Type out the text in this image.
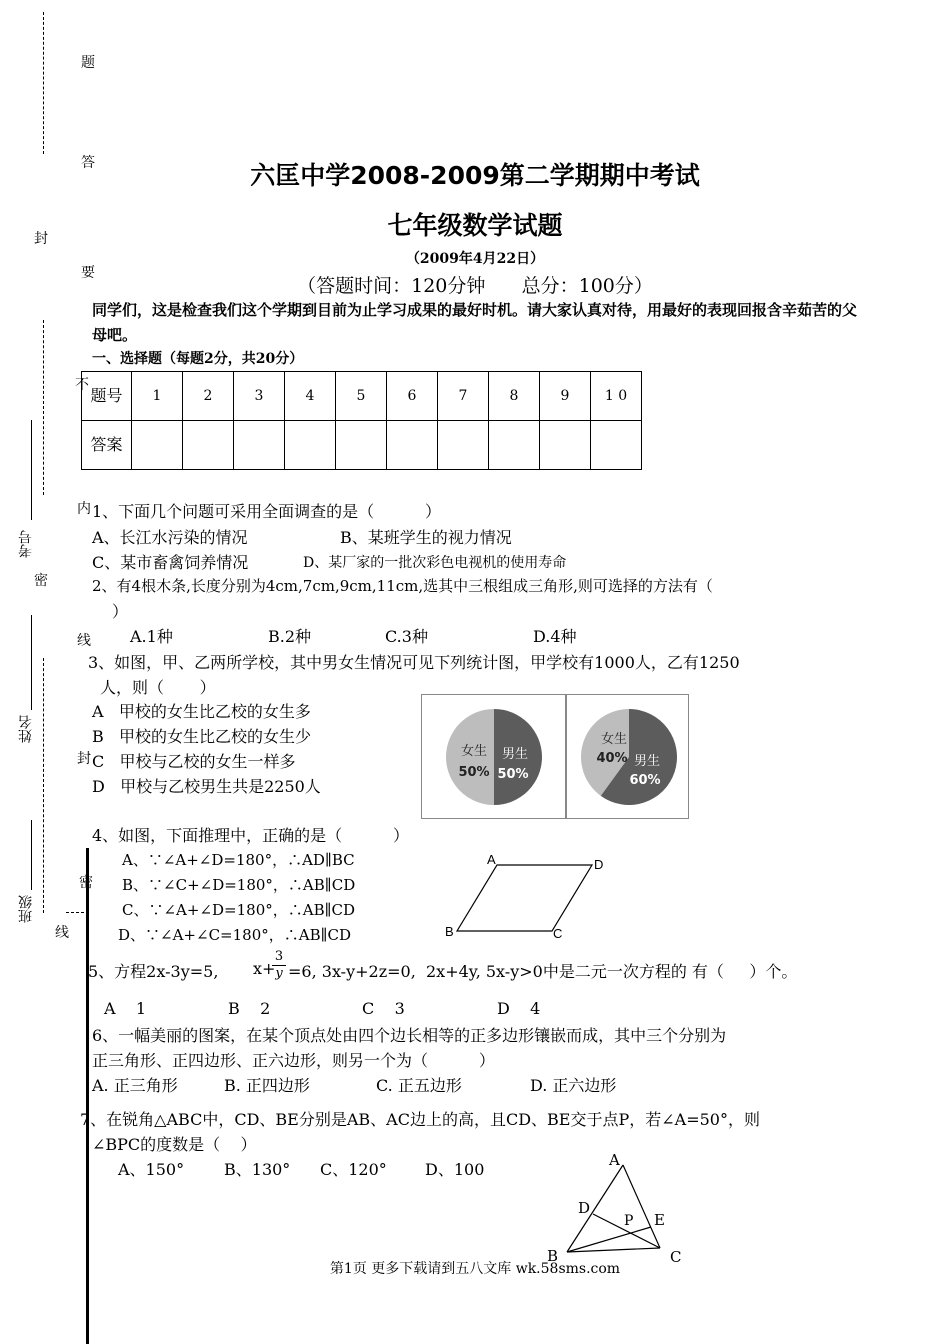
题
答
要
封
不
内
密
线
封
考号
姓名
班级
密
线
六匡中学2008-2009第二学期期中考试
七年级数学试题
（2009年4月22日）
（答题时间：120分钟      总分：100分）
同学们，这是检查我们这个学期到目前为止学习成果的最好时机。请大家认真对待，用最好的表现回报含辛茹苦的父母吧。
一、选择题（每题2分，共20分）
题号	1	2	3	4	5	6	7	8	9	1 0
答案										
1、下面几个问题可采用全面调查的是（          ）
A、长江水污染的情况	B、某班学生的视力情况
C、某市畜禽饲养情况	D、某厂家的一批次彩色电视机的使用寿命
2、有4根木条,长度分别为4cm,7cm,9cm,11cm,选其中三根组成三角形,则可选择的方法有（
）
A.1种	B.2种	C.3种	D.4种
3、如图，甲、乙两所学校，其中男女生情况可见下列统计图，甲学校有1000人，乙有1250
人，则（       ）
A   甲校的女生比乙校的女生多
B   甲校的女生比乙校的女生少
C   甲校与乙校的女生一样多
D   甲校与乙校男生共是2250人
女生
50%
男生
50%
女生
40% 男生
60%
4、如图，下面推理中，正确的是（          ）
A、∵∠A+∠D=180°，∴AD∥BC
B、∵∠C+∠D=180°，∴AB∥CD
C、∵∠A+∠D=180°，∴AB∥CD
D、∵∠A+∠C=180°，∴AB∥CD
A	D
B	C
5、方程2x-3y=5, x+
3
y =6, 3x-y+2z=0,  2x+4y, 5x-y>0中是二元一次方程的 有（     ）个。
A    1	B    2	C    3	D    4
6、一幅美丽的图案，在某个顶点处由四个边长相等的正多边形镶嵌而成，其中三个分别为
正三角形、正四边形、正六边形，则另一个为（          ）
A. 正三角形	B. 正四边形	C. 正五边形	D. 正六边形
7、在锐角△ABC中，CD、BE分别是AB、AC边上的高，且CD、BE交于点P，若∠A=50°，则
∠BPC的度数是（    ）
A、150° B、130° C、120° D、100	A
D
P E
B	C
第1页 更多下载请到五八文库 wk.58sms.com
